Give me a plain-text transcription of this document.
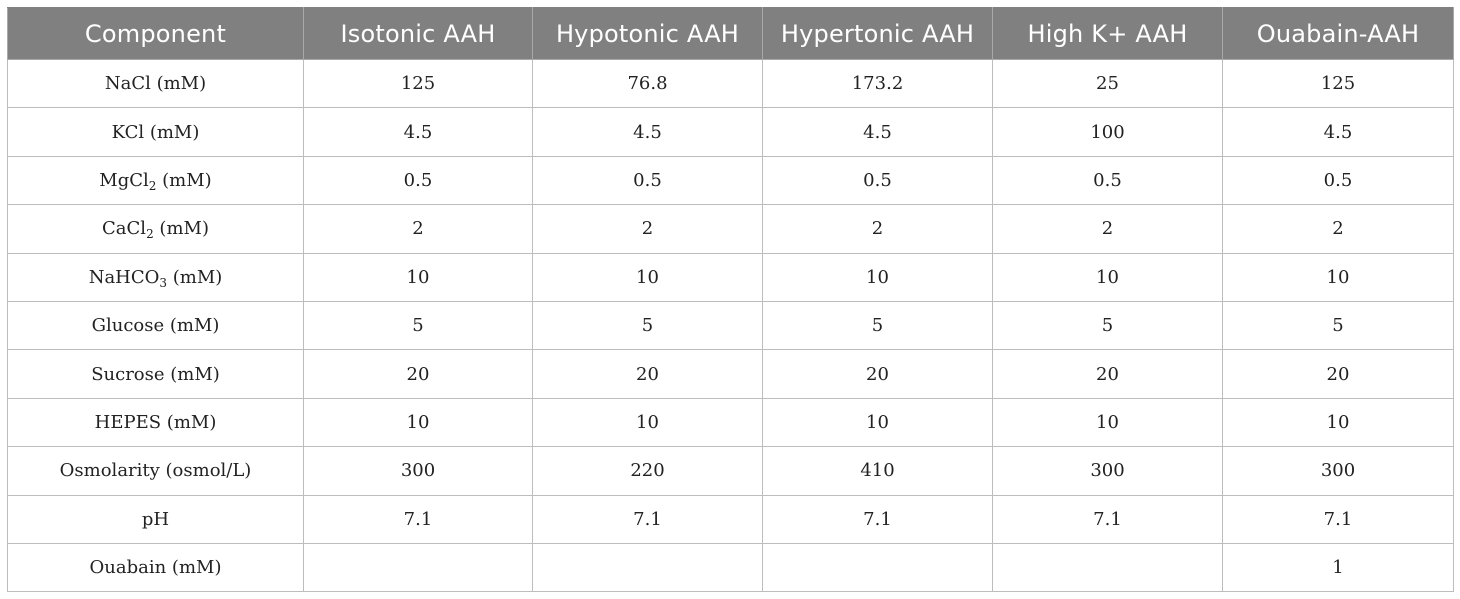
Component	Isotonic AAH	Hypotonic AAH	Hypertonic AAH	High K+ AAH	Ouabain-AAH
NaCl (mM)	125	76.8	173.2	25	125
KCl (mM)	4.5	4.5	4.5	100	4.5
MgCl$_2$ (mM)	0.5	0.5	0.5	0.5	0.5
CaCl$_2$ (mM)	2	2	2	2	2
NaHCO$_3$ (mM)	10	10	10	10	10
Glucose (mM)	5	5	5	5	5
Sucrose (mM)	20	20	20	20	20
HEPES (mM)	10	10	10	10	10
Osmolarity (osmol/L)	300	220	410	300	300
pH	7.1	7.1	7.1	7.1	7.1
Ouabain (mM)					1
